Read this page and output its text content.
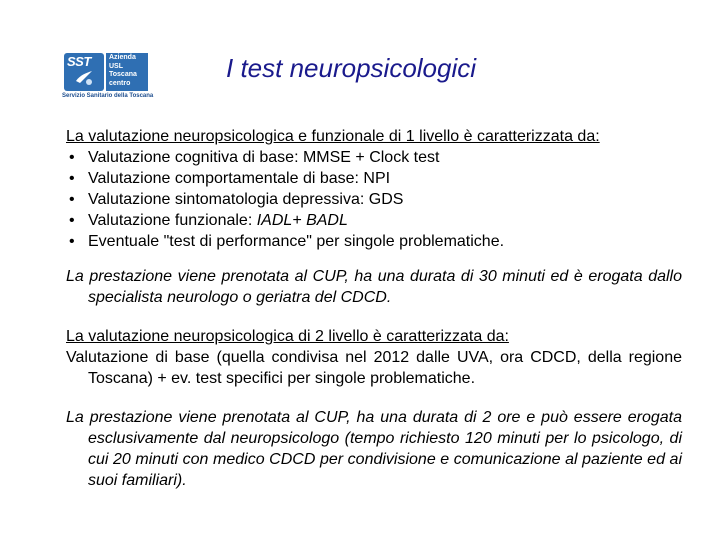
SST	Azienda
USL
Toscana
centro
Servizio Sanitario della Toscana
I test neuropsicologici
La valutazione neuropsicologica e funzionale di 1 livello è caratterizzata da:
• Valutazione cognitiva di base: MMSE + Clock test
• Valutazione comportamentale di base: NPI
• Valutazione sintomatologia depressiva: GDS
• Valutazione funzionale: IADL+ BADL
• Eventuale "test di performance" per singole problematiche.
La prestazione viene prenotata al CUP, ha una durata di 30 minuti ed è erogata dallo specialista neurologo o geriatra del CDCD.
La valutazione neuropsicologica di 2 livello è caratterizzata da:
Valutazione di base (quella condivisa nel 2012 dalle UVA, ora CDCD, della regione Toscana) + ev. test specifici per singole problematiche.
La prestazione viene prenotata al CUP, ha una durata di 2 ore e può essere erogata esclusivamente dal neuropsicologo (tempo richiesto 120 minuti per lo psicologo, di cui 20 minuti con medico CDCD per condivisione e comunicazione al paziente ed ai suoi familiari).
